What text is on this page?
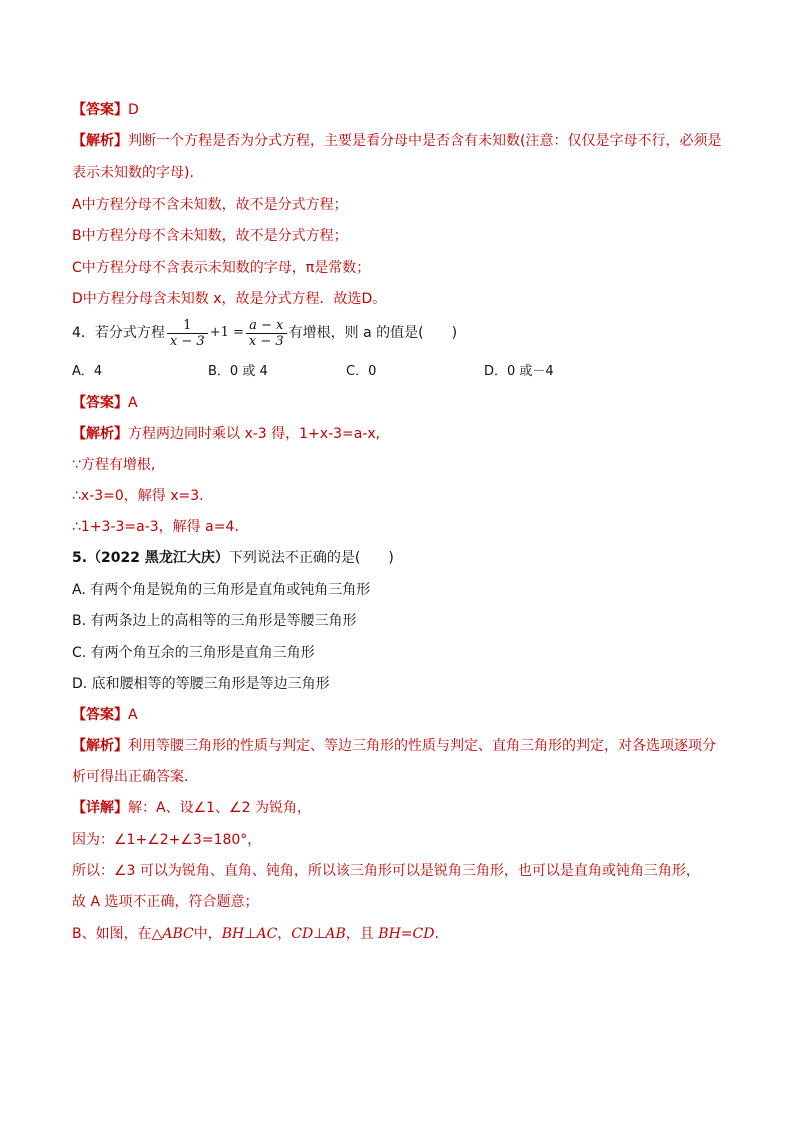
【答案】D
【解析】判断一个方程是否为分式方程，主要是看分母中是否含有未知数(注意：仅仅是字母不行，必须是
表示未知数的字母).
A中方程分母不含未知数，故不是分式方程；
B中方程分母不含未知数，故不是分式方程；
C中方程分母不含表示未知数的字母，π是常数；
D中方程分母含未知数 x，故是分式方程．故选D。
4．若分式方程 $\frac{1}{x - 3} +1 = \frac{a - x}{x - 3}$ 有增根，则 a 的值是(　　)
A．4	B．0 或 4	C．0	D．0 或－4
【答案】A
【解析】方程两边同时乘以 x-3 得，1+x-3=a-x,
∵方程有增根,
∴x-3=0，解得 x=3.
∴1+3-3=a-3，解得 a=4.
5.（2022 黑龙江大庆）下列说法不正确的是(　　)
A. 有两个角是锐角的三角形是直角或钝角三角形
B. 有两条边上的高相等的三角形是等腰三角形
C. 有两个角互余的三角形是直角三角形
D. 底和腰相等的等腰三角形是等边三角形
【答案】A
【解析】利用等腰三角形的性质与判定、等边三角形的性质与判定、直角三角形的判定，对各选项逐项分
析可得出正确答案．
【详解】解：A、设∠1、∠2 为锐角，
因为：∠1+∠2+∠3=180°，
所以：∠3 可以为锐角、直角、钝角，所以该三角形可以是锐角三角形，也可以是直角或钝角三角形，
故 A 选项不正确，符合题意；
B、如图，在△ABC中，BH⊥AC，CD⊥AB，且 BH=CD.
